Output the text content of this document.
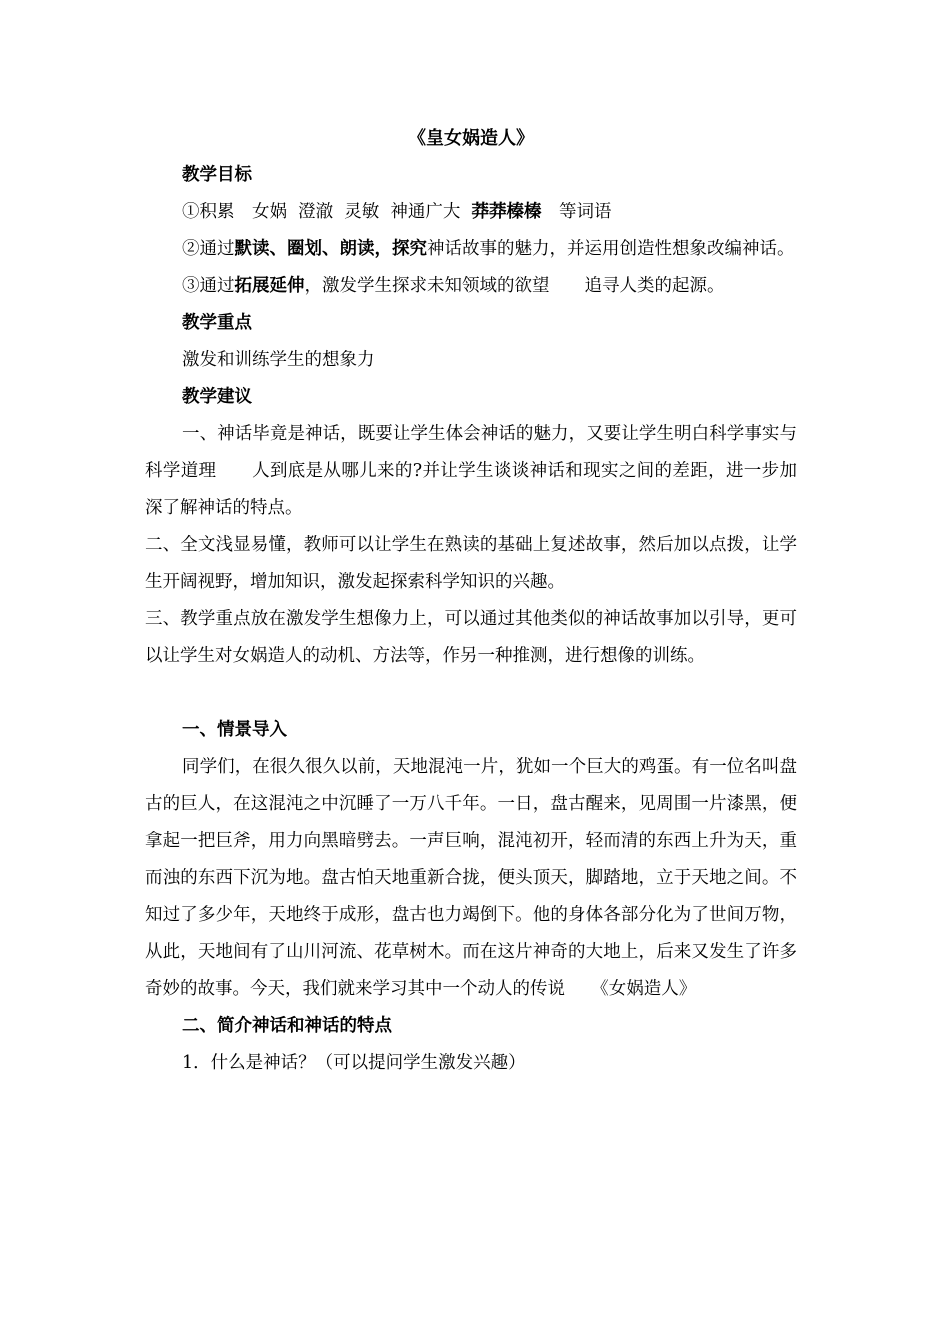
《皇女娲造人》

教学目标

①积累　女娲  澄澈  灵敏  神通广大  莽莽榛榛　等词语

②通过默读、圈划、朗读，探究神话故事的魅力，并运用创造性想象改编神话。

③通过拓展延伸，激发学生探求未知领域的欲望　　追寻人类的起源。

教学重点

激发和训练学生的想象力

教学建议

一、神话毕竟是神话，既要让学生体会神话的魅力，又要让学生明白科学事实与科学道理　　人到底是从哪儿来的?并让学生谈谈神话和现实之间的差距，进一步加深了解神话的特点。

二、全文浅显易懂，教师可以让学生在熟读的基础上复述故事，然后加以点拨，让学生开阔视野，增加知识，激发起探索科学知识的兴趣。

三、教学重点放在激发学生想像力上，可以通过其他类似的神话故事加以引导，更可以让学生对女娲造人的动机、方法等，作另一种推测，进行想像的训练。

一、情景导入

同学们，在很久很久以前，天地混沌一片，犹如一个巨大的鸡蛋。有一位名叫盘古的巨人，在这混沌之中沉睡了一万八千年。一日，盘古醒来，见周围一片漆黑，便拿起一把巨斧，用力向黑暗劈去。一声巨响，混沌初开，轻而清的东西上升为天，重而浊的东西下沉为地。盘古怕天地重新合拢，便头顶天，脚踏地，立于天地之间。不知过了多少年，天地终于成形，盘古也力竭倒下。他的身体各部分化为了世间万物，从此，天地间有了山川河流、花草树木。而在这片神奇的大地上，后来又发生了许多奇妙的故事。今天，我们就来学习其中一个动人的传说　　《女娲造人》

二、简介神话和神话的特点

1．什么是神话？（可以提问学生激发兴趣）
